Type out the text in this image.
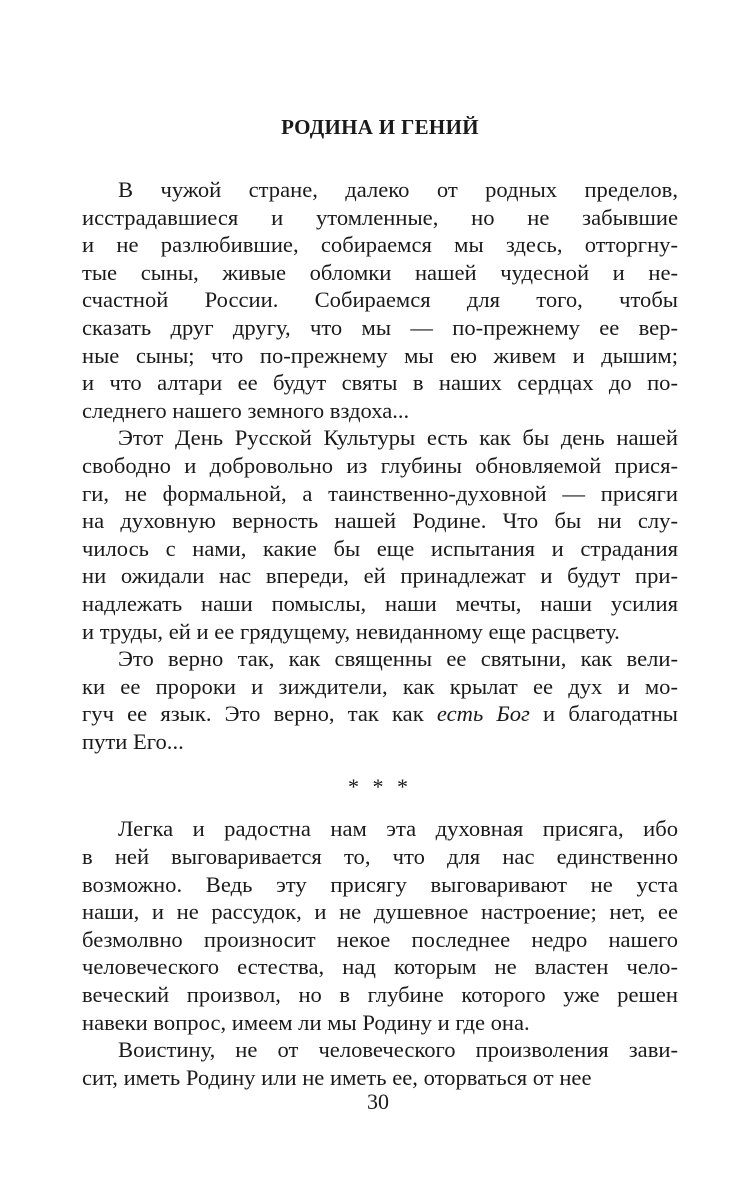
РОДИНА И ГЕНИЙ
В чужой стране, далеко от родных пределов,
исстрадавшиеся и утомленные, но не забывшие
и не разлюбившие, собираемся мы здесь, отторгну-
тые сыны, живые обломки нашей чудесной и не-
счастной России. Собираемся для того, чтобы
сказать друг другу, что мы — по-прежнему ее вер-
ные сыны; что по-прежнему мы ею живем и дышим;
и что алтари ее будут святы в наших сердцах до по-
следнего нашего земного вздоха...
Этот День Русской Культуры есть как бы день нашей
свободно и добровольно из глубины обновляемой прися-
ги, не формальной, а таинственно-духовной — присяги
на духовную верность нашей Родине. Что бы ни слу-
чилось с нами, какие бы еще испытания и страдания
ни ожидали нас впереди, ей принадлежат и будут при-
надлежать наши помыслы, наши мечты, наши усилия
и труды, ей и ее грядущему, невиданному еще расцвету.
Это верно так, как священны ее святыни, как вели-
ки ее пророки и зиждители, как крылат ее дух и мо-
гуч ее язык. Это верно, так как есть Бог и благодатны
пути Его...
* * *
Легка и радостна нам эта духовная присяга, ибо
в ней выговаривается то, что для нас единственно
возможно. Ведь эту присягу выговаривают не уста
наши, и не рассудок, и не душевное настроение; нет, ее
безмолвно произносит некое последнее недро нашего
человеческого естества, над которым не властен чело-
веческий произвол, но в глубине которого уже решен
навеки вопрос, имеем ли мы Родину и где она.
Воистину, не от человеческого произволения зави-
сит, иметь Родину или не иметь ее, оторваться от нее
30
